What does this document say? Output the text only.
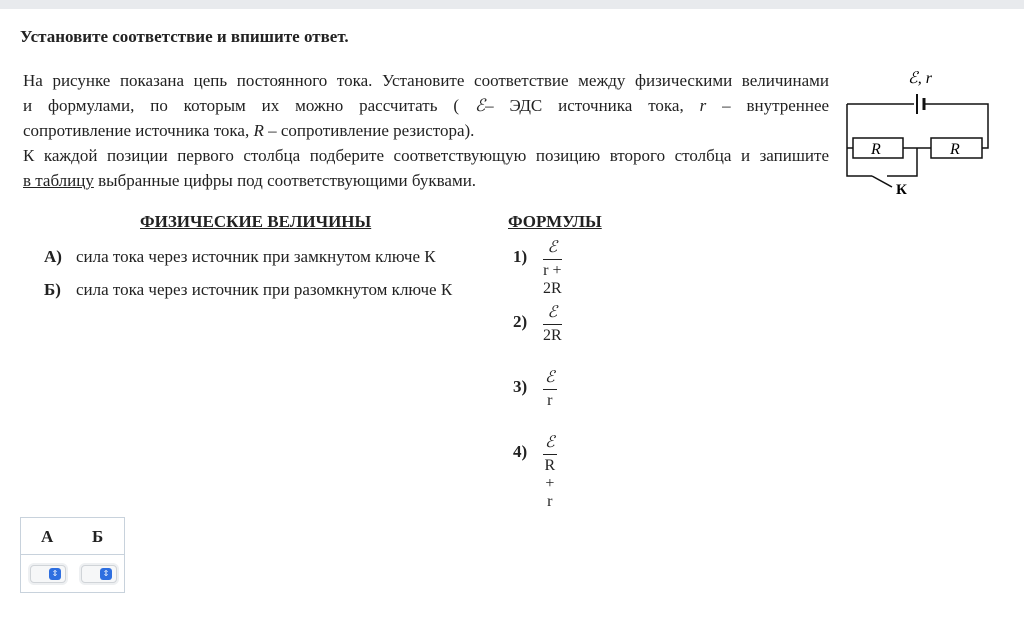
Установите соответствие и впишите ответ.
На рисунке показана цепь постоянного тока. Установите соответствие между физическими величинами
и формулами, по которым их можно рассчитать ( ℰ– ЭДС источника тока, r – внутреннее
сопротивление источника тока, R – сопротивление резистора).
К каждой позиции первого столбца подберите соответствующую позицию второго столбца и запишите
в таблицу выбранные цифры под соответствующими буквами.
ℰ, r
R	R
К
ФИЗИЧЕСКИЕ ВЕЛИЧИНЫ	ФОРМУЛЫ
А) сила тока через источник при замкнутом ключе К
Б) сила тока через источник при разомкнутом ключе К
1) ℰ
r + 2R
2) ℰ
2R
3) ℰ
r
4) ℰ
R + r
А Б
⇕	⇕
